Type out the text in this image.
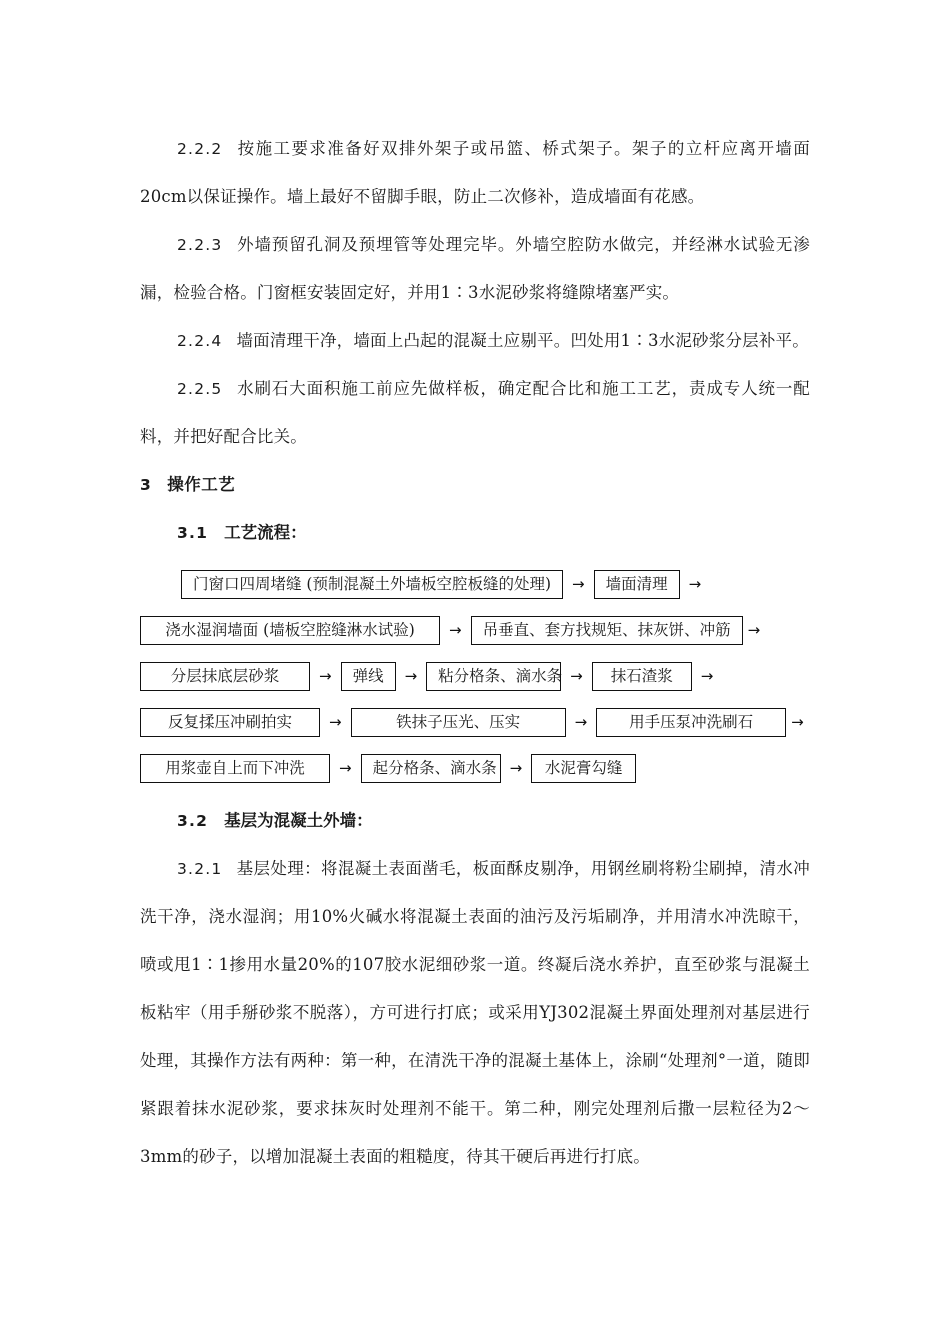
2.2.2 按施工要求准备好双排外架子或吊篮、桥式架子。架子的立杆应离开墙面20cm以保证操作。墙上最好不留脚手眼，防止二次修补，造成墙面有花感。

2.2.3 外墙预留孔洞及预埋管等处理完毕。外墙空腔防水做完，并经淋水试验无渗漏，检验合格。门窗框安装固定好，并用1∶3水泥砂浆将缝隙堵塞严实。

2.2.4 墙面清理干净，墙面上凸起的混凝土应剔平。凹处用1∶3水泥砂浆分层补平。

2.2.5 水刷石大面积施工前应先做样板，确定配合比和施工工艺，责成专人统一配料，并把好配合比关。

3 操作工艺
3.1 工艺流程：
门窗口四周堵缝 (预制混凝土外墙板空腔板缝的处理)	→	墙面清理	→
浇水湿润墙面 (墙板空腔缝淋水试验)	→	吊垂直、套方找规矩、抹灰饼、冲筋	→
分层抹底层砂浆	→	弹线	→	粘分格条、滴水条 →	抹石渣浆	→
反复揉压冲刷拍实	→	铁抹子压光、压实	→	用手压泵冲洗刷石	→
用浆壶自上而下冲洗	→	起分格条、滴水条 →	水泥膏勾缝
3.2 基层为混凝土外墙：

3.2.1 基层处理：将混凝土表面凿毛，板面酥皮剔净，用钢丝刷将粉尘刷掉，清水冲洗干净，浇水湿润；用10%火碱水将混凝土表面的油污及污垢刷净，并用清水冲洗晾干，喷或甩1∶1掺用水量20%的107胶水泥细砂浆一道。终凝后浇水养护，直至砂浆与混凝土板粘牢（用手掰砂浆不脱落），方可进行打底；或采用YJ302混凝土界面处理剂对基层进行处理，其操作方法有两种：第一种，在清洗干净的混凝土基体上，涂刷“处理剂°一道，随即紧跟着抹水泥砂浆，要求抹灰时处理剂不能干。第二种，刚完处理剂后撒一层粒径为2～3mm的砂子，以增加混凝土表面的粗糙度，待其干硬后再进行打底。
